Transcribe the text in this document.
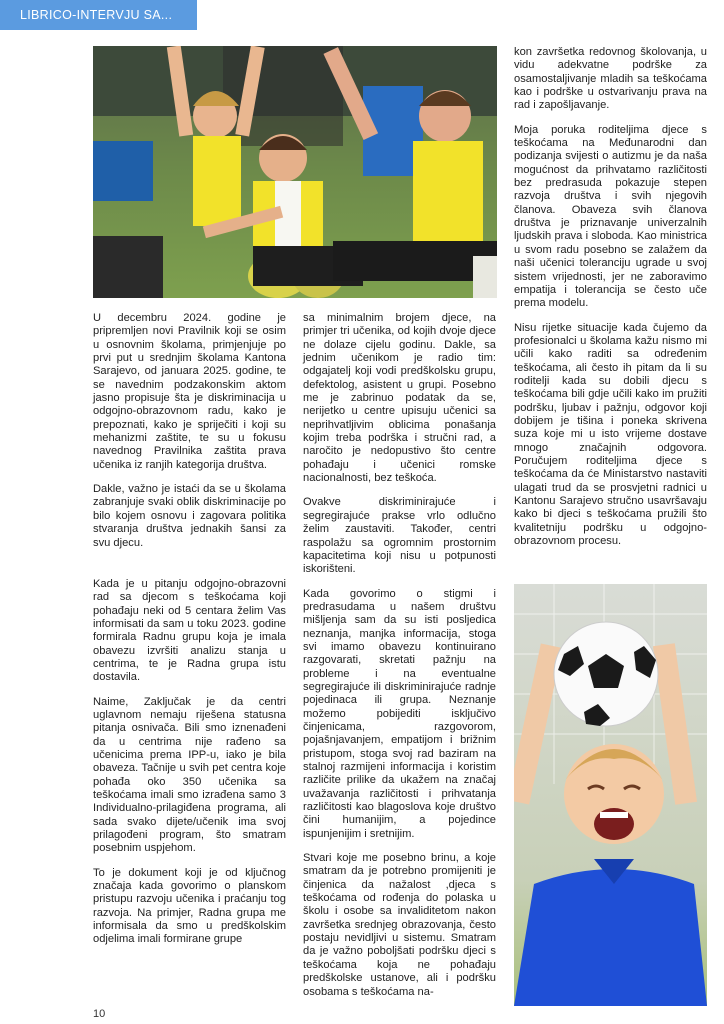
LIBRICO-INTERVJU SA...

U decembru 2024. godine je pripremljen novi Pravilnik koji se osim u osnovnim školama, primjenjuje po prvi put u srednjim školama Kantona Sarajevo, od januara 2025. godine, te se navednim podzakonskim aktom jasno propisuje šta je diskriminacija u odgojno-obrazovnom radu, kako je prepoznati, kako je spriječiti i koji su mehanizmi zaštite, te su u fokusu navednog Pravilnika zaštita prava učenika iz ranjih kategorija društva.

Dakle, važno je istaći da se u školama zabranjuje svaki oblik diskriminacije po bilo kojem osnovu i zagovara politika stvaranja društva jednakih šansi za svu djecu.

Kada je u pitanju odgojno-obrazovni rad sa djecom s teškoćama koji pohađaju neki od 5 centara želim Vas informisati da sam u toku 2023. godine formirala Radnu grupu koja je imala obavezu izvršiti analizu stanja u centrima, te je Radna grupa istu dostavila.

Naime, Zaključak je da centri uglavnom nemaju riješena statusna pitanja osnivača. Bili smo iznenađeni da u centrima nije rađeno sa učenicima prema IPP-u, iako je bila obaveza. Tačnije u svih pet centra koje pohađa oko 350 učenika sa teškoćama imali smo izrađena samo 3 Individualno-prilagiđena programa, ali sada svako dijete/učenik ima svoj prilagođeni program, što smatram posebnim uspjehom.

To je dokument koji je od ključnog značaja kada govorimo o planskom pristupu razvoju učenika i praćanju tog razvoja. Na primjer, Radna grupa me informisala da smo u predškolskim odjelima imali formirane grupe

sa minimalnim brojem djece, na primjer tri učenika, od kojih dvoje djece ne dolaze cijelu godinu. Dakle, sa jednim učenikom je radio tim: odgajatelj koji vodi predškolsku grupu, defektolog, asistent u grupi. Posebno me je zabrinuo podatak da se, nerijetko u centre upisuju učenici sa neprihvatljivim oblicima ponašanja kojim treba podrška i stručni rad, a naročito je nedopustivo što centre pohađaju i učenici romske nacionalnosti, bez teškoća.

Ovakve diskriminirajuće i segregirajuće prakse vrlo odlučno želim zaustaviti. Također, centri raspolažu sa ogromnim prostornim kapacitetima koji nisu u potpunosti iskorišteni.

Kada govorimo o stigmi i predrasudama u našem društvu mišljenja sam da su isti posljedica neznanja, manjka informacija, stoga svi imamo obavezu kontinuirano razgovarati, skretati pažnju na probleme i na eventualne segregirajuće ili diskriminirajuće radnje pojedinaca ili grupa. Neznanje možemo pobijediti isključivo činjenicama, razgovorom, pojašnjavanjem, empatijom i brižnim pristupom, stoga svoj rad baziram na stalnoj razmijeni informacija i koristim različite prilike da ukažem na značaj uvažavanja različitosti i prihvatanja različitosti kao blagoslova koje društvo čini humanijim, a pojedince ispunjenijim i sretnijim.

Stvari koje me posebno brinu, a koje smatram da je potrebno promijeniti je činjenica da nažalost ,djeca s teškoćama od rođenja do polaska u školu i osobe sa invaliditetom nakon završetka srednjeg obrazovanja, često postaju nevidljivi u sistemu. Smatram da je važno poboljšati podršku djeci s teškoćama koja ne pohađaju predškolske ustanove, ali i podršku osobama s teškoćama na-

kon završetka redovnog školovanja, u vidu adekvatne podrške za osamostaljivanje mladih sa teškoćama kao i podrške u ostvarivanju prava na rad i zapošljavanje.

Moja poruka roditeljima djece s teškoćama na Međunarodni dan podizanja svijesti o autizmu je da naša mogućnost da prihvatamo različitosti bez predrasuda pokazuje stepen razvoja društva i svih njegovih članova. Obaveza svih članova društva je priznavanje univerzalnih ljudskih prava i sloboda. Kao ministrica u svom radu posebno se zalažem da naši učenici toleranciju ugrade u svoj sistem vrijednosti, jer ne zaboravimo empatija i tolerancija se često uče prema modelu.

Nisu rijetke situacije kada čujemo da profesionalci u školama kažu nismo mi učili kako raditi sa određenim teškoćama, ali često ih pitam da li su roditelji kada su dobili djecu s teškoćama bili gdje učili kako im pružiti podršku, ljubav i pažnju, odgovor koji dobijem je tišina i poneka skrivena suza koje mi u isto vrijeme dostave mnogo značajnih odgovora. Poručujem roditeljima djece s teškoćama da će Ministarstvo nastaviti ulagati trud da se prosvjetni radnici u Kantonu Sarajevo stručno usavršavaju kako bi djeci s teškoćama pružili što kvalitetniju podršku u odgojno-obrazovnom procesu.

10
